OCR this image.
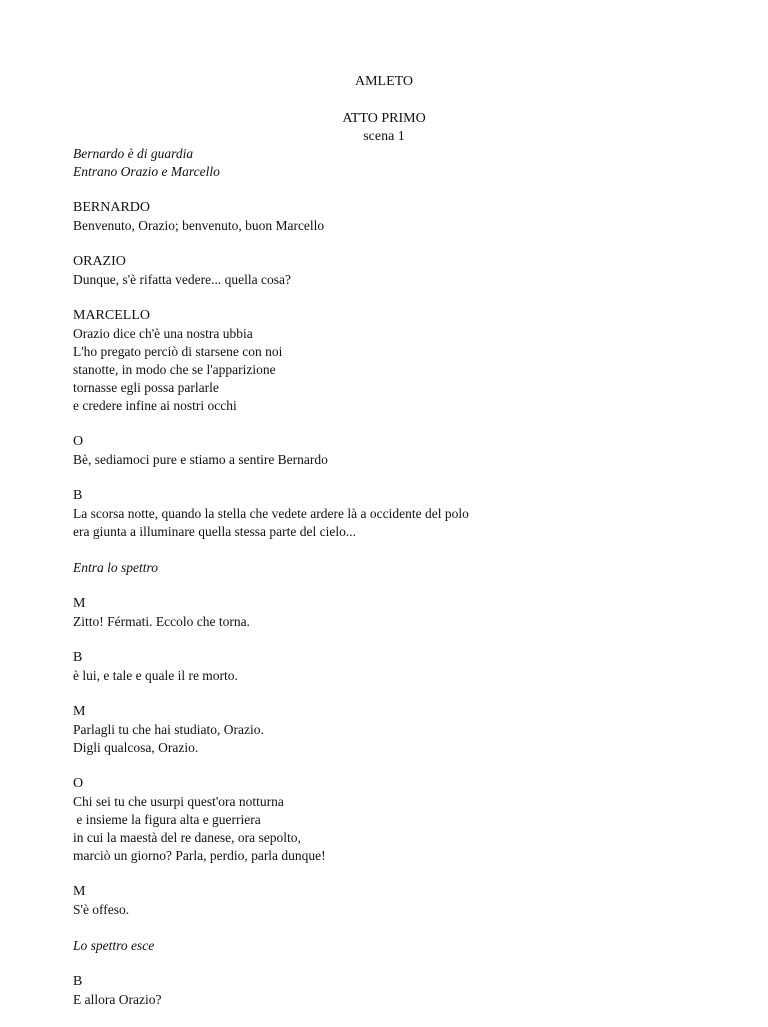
AMLETO
ATTO PRIMO
scena 1
Bernardo è di guardia
Entrano Orazio e Marcello
BERNARDO
Benvenuto, Orazio; benvenuto, buon Marcello
ORAZIO
Dunque, s'è rifatta vedere... quella cosa?
MARCELLO
Orazio dice ch'è una nostra ubbia
L'ho pregato perciò di starsene con noi
stanotte, in modo che se l'apparizione
tornasse egli possa parlarle
e credere infine ai nostri occhi
O
Bè, sediamoci pure e stiamo a sentire Bernardo
B
La scorsa notte, quando la stella che vedete ardere là a occidente del polo
era giunta a illuminare quella stessa parte del cielo...
Entra lo spettro
M
Zitto! Férmati. Eccolo che torna.
B
è lui, e tale e quale il re morto.
M
Parlagli tu che hai studiato, Orazio.
Digli qualcosa, Orazio.
O
Chi sei tu che usurpi quest'ora notturna
e insieme la figura alta e guerriera
in cui la maestà del re danese, ora sepolto,
marciò un giorno? Parla, perdio, parla dunque!
M
S'è offeso.
Lo spettro esce
B
E allora Orazio?
